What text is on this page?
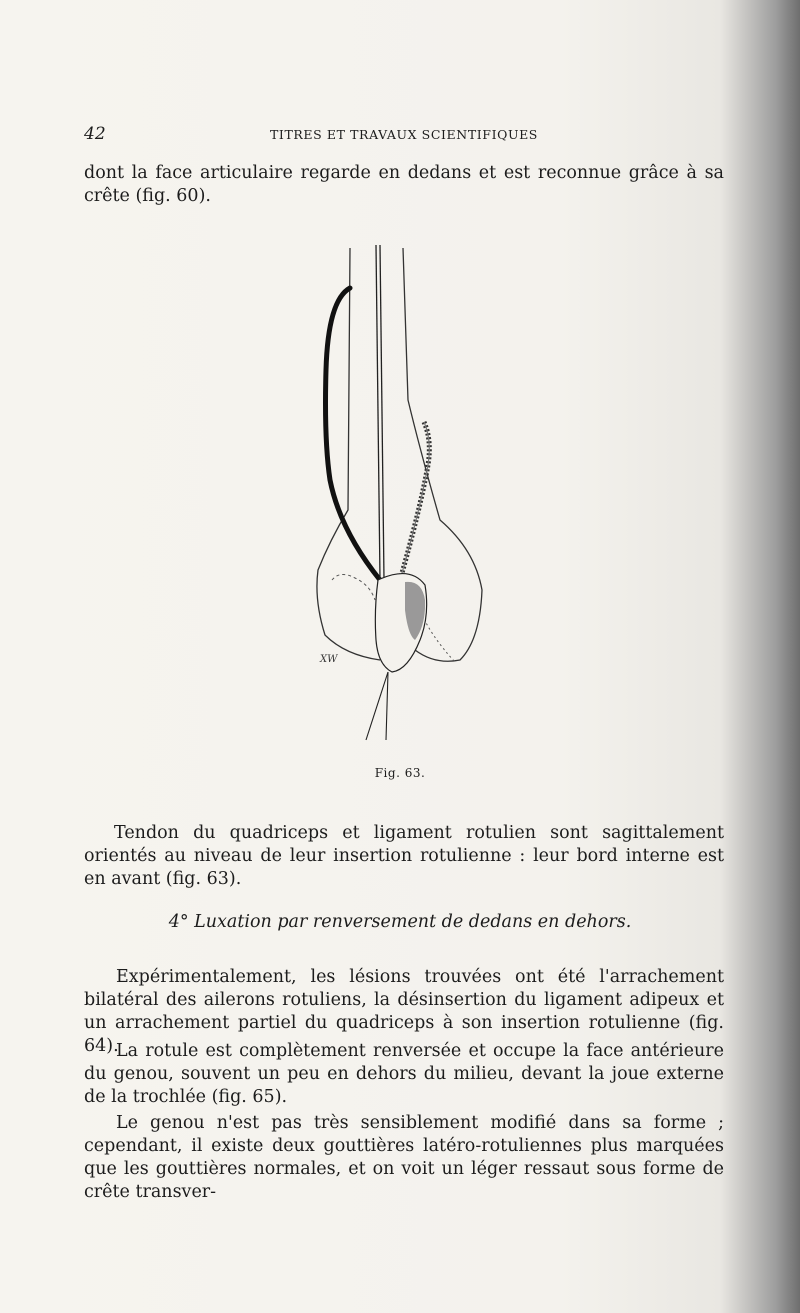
42	TITRES ET TRAVAUX SCIENTIFIQUES

dont la face articulaire regarde en dedans et est reconnue grâce à sa crête (fig. 60).

XW
Fig. 63.

Tendon du quadriceps et ligament rotulien sont sagittalement orientés au niveau de leur insertion rotulienne : leur bord interne est en avant (fig. 63).

4° Luxation par renversement de dedans en dehors.

Expérimentalement, les lésions trouvées ont été l'arrachement bilatéral des ailerons rotuliens, la désinsertion du ligament adipeux et un arrachement partiel du quadriceps à son insertion rotulienne (fig. 64).

La rotule est complètement renversée et occupe la face antérieure du genou, souvent un peu en dehors du milieu, devant la joue externe de la trochlée (fig. 65).

Le genou n'est pas très sensiblement modifié dans sa forme ; cependant, il existe deux gouttières latéro-rotuliennes plus marquées que les gouttières normales, et on voit un léger ressaut sous forme de crête transver-
